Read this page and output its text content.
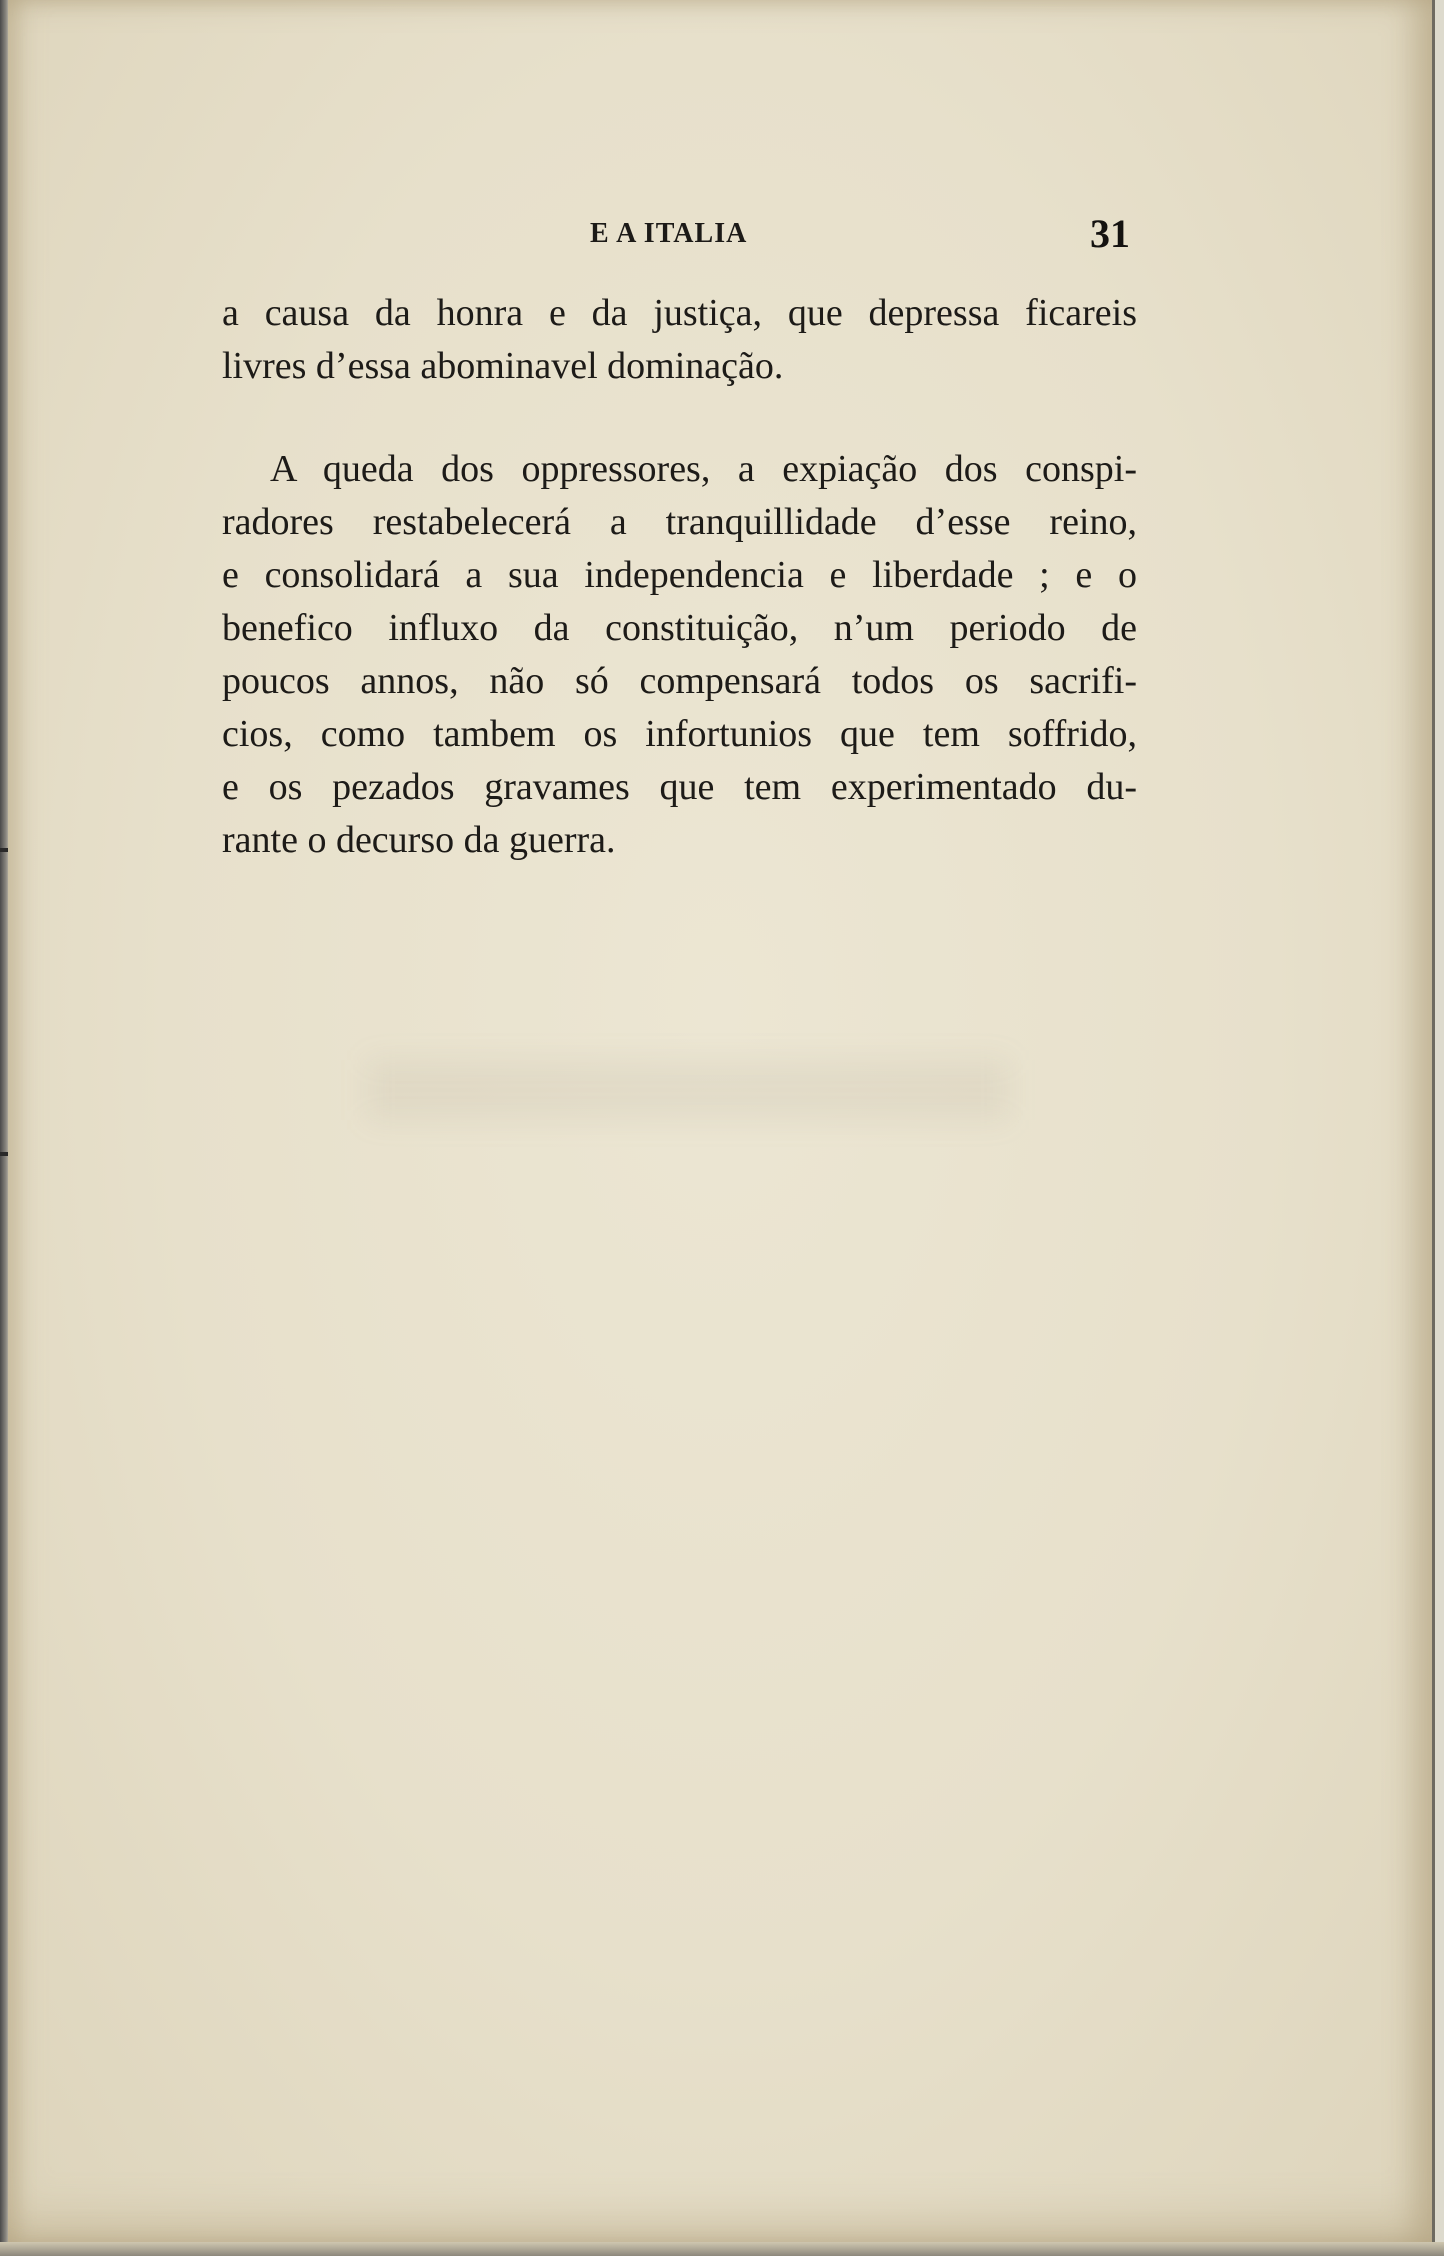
E A ITALIA	31
a causa da honra e da justiça, que depressa ficareis
livres d’essa abominavel dominação.
A queda dos oppressores, a expiação dos conspi-
radores restabelecerá a tranquillidade d’esse reino,
e consolidará a sua independencia e liberdade ; e o
benefico influxo da constituição, n’um periodo de
poucos annos, não só compensará todos os sacrifi-
cios, como tambem os infortunios que tem soffrido,
e os pezados gravames que tem experimentado du-
rante o decurso da guerra.
